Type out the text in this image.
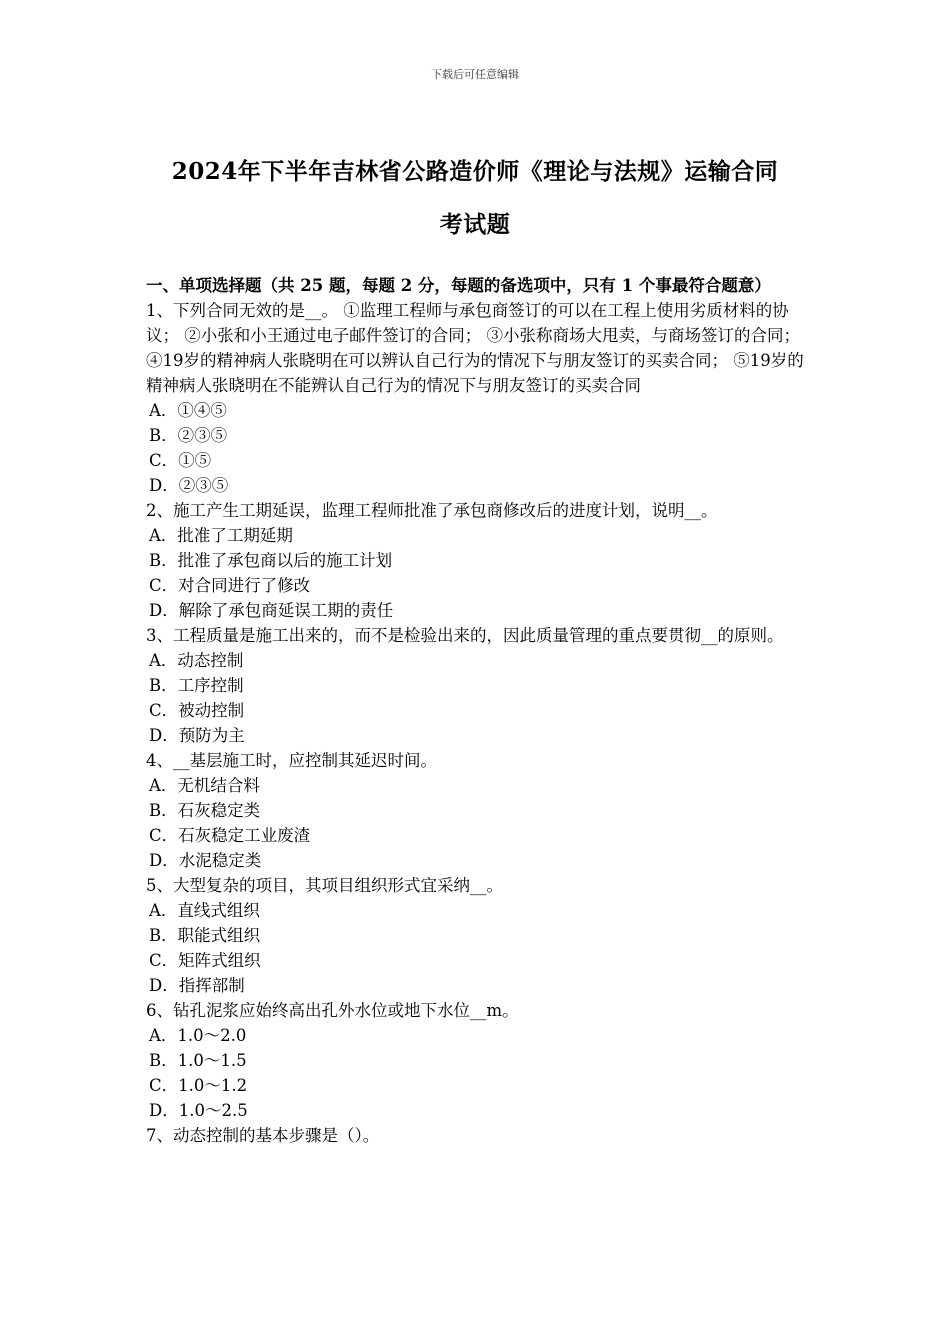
下载后可任意编辑
2024年下半年吉林省公路造价师《理论与法规》运输合同
考试题

一、单项选择题（共 25 题，每题 2 分，每题的备选项中，只有 1 个事最符合题意）

1、下列合同无效的是__。 ①监理工程师与承包商签订的可以在工程上使用劣质材料的协议； ②小张和小王通过电子邮件签订的合同； ③小张称商场大甩卖，与商场签订的合同； ④19岁的精神病人张晓明在可以辨认自己行为的情况下与朋友签订的买卖合同； ⑤19岁的精神病人张晓明在不能辨认自己行为的情况下与朋友签订的买卖合同

A．①④⑤
B．②③⑤
C．①⑤
D．②③⑤

2、施工产生工期延误，监理工程师批准了承包商修改后的进度计划，说明__。

A．批准了工期延期
B．批准了承包商以后的施工计划
C．对合同进行了修改
D．解除了承包商延误工期的责任

3、工程质量是施工出来的，而不是检验出来的，因此质量管理的重点要贯彻__的原则。

A．动态控制
B．工序控制
C．被动控制
D．预防为主

4、__基层施工时，应控制其延迟时间。

A．无机结合料
B．石灰稳定类
C．石灰稳定工业废渣
D．水泥稳定类

5、大型复杂的项目，其项目组织形式宜采纳__。

A．直线式组织
B．职能式组织
C．矩阵式组织
D．指挥部制

6、钻孔泥浆应始终高出孔外水位或地下水位__m。

A．1.0～2.0
B．1.0～1.5
C．1.0～1.2
D．1.0～2.5

7、动态控制的基本步骤是（）。
